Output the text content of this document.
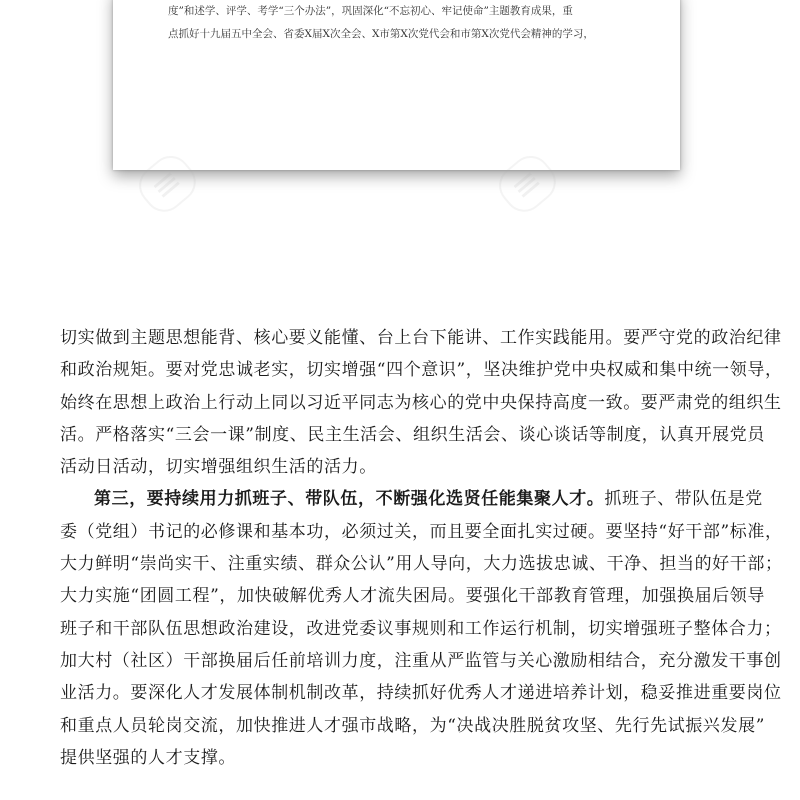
度”和述学、评学、考学“三个办法”，巩固深化“不忘初心、牢记使命”主题教育成果，重
点抓好十九届五中全会、省委X届X次全会、X市第X次党代会和市第X次党代会精神的学习，
≡	≡
切实做到主题思想能背、核心要义能懂、台上台下能讲、工作实践能用。要严守党的政治纪律
和政治规矩。要对党忠诚老实，切实增强“四个意识”，坚决维护党中央权威和集中统一领导，
始终在思想上政治上行动上同以习近平同志为核心的党中央保持高度一致。要严肃党的组织生
活。严格落实“三会一课”制度、民主生活会、组织生活会、谈心谈话等制度，认真开展党员
活动日活动，切实增强组织生活的活力。
第三，要持续用力抓班子、带队伍，不断强化选贤任能集聚人才。抓班子、带队伍是党
委（党组）书记的必修课和基本功，必须过关，而且要全面扎实过硬。要坚持“好干部”标准，
大力鲜明“崇尚实干、注重实绩、群众公认”用人导向，大力选拔忠诚、干净、担当的好干部；
大力实施“团圆工程”，加快破解优秀人才流失困局。要强化干部教育管理，加强换届后领导
班子和干部队伍思想政治建设，改进党委议事规则和工作运行机制，切实增强班子整体合力；
加大村（社区）干部换届后任前培训力度，注重从严监管与关心激励相结合，充分激发干事创
业活力。要深化人才发展体制机制改革，持续抓好优秀人才递进培养计划，稳妥推进重要岗位
和重点人员轮岗交流，加快推进人才强市战略，为“决战决胜脱贫攻坚、先行先试振兴发展”
提供坚强的人才支撑。
